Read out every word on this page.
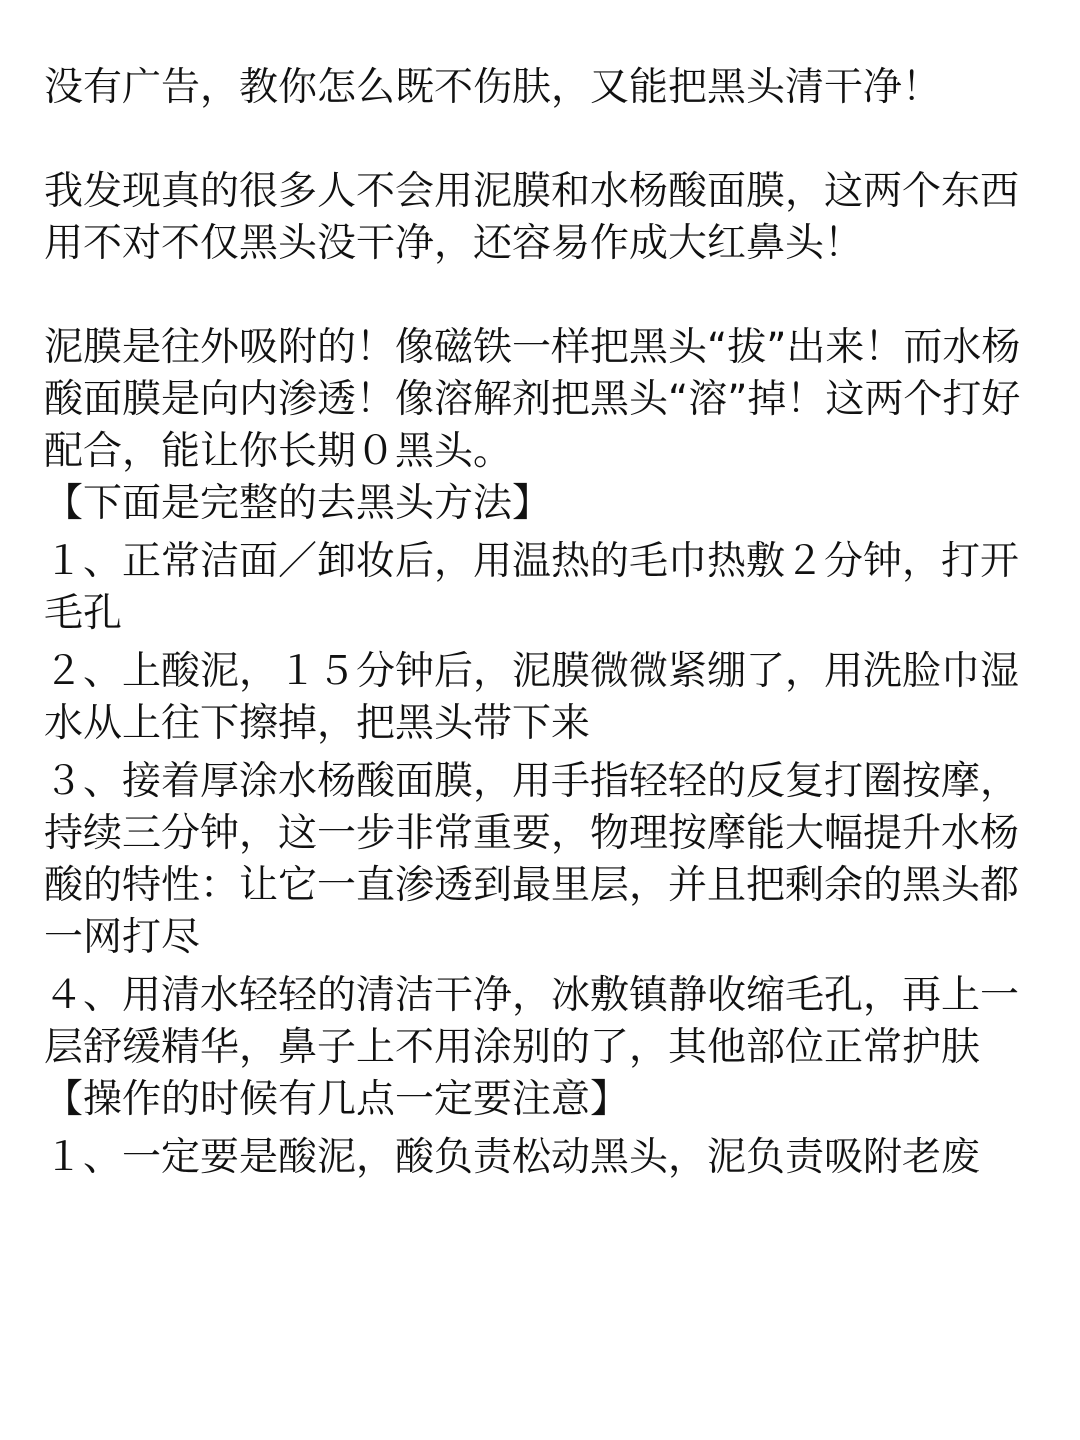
没有广告，教你怎么既不伤肤，又能把黑头清干净！

我发现真的很多人不会用泥膜和水杨酸面膜，这两个东西用不对不仅黑头没干净，还容易作成大红鼻头！

泥膜是往外吸附的！像磁铁一样把黑头“拔”出来！而水杨酸面膜是向内渗透！像溶解剂把黑头“溶”掉！这两个打好配合，能让你长期０黑头。

【下面是完整的去黑头方法】

１、正常洁面／卸妆后，用温热的毛巾热敷２分钟，打开毛孔

２、上酸泥，１５分钟后，泥膜微微紧绷了，用洗脸巾湿水从上往下擦掉，把黑头带下来

３、接着厚涂水杨酸面膜，用手指轻轻的反复打圈按摩，持续三分钟，这一步非常重要，物理按摩能大幅提升水杨酸的特性：让它一直渗透到最里层，并且把剩余的黑头都一网打尽

４、用清水轻轻的清洁干净，冰敷镇静收缩毛孔，再上一层舒缓精华，鼻子上不用涂别的了，其他部位正常护肤

【操作的时候有几点一定要注意】

１、一定要是酸泥，酸负责松动黑头，泥负责吸附老废
